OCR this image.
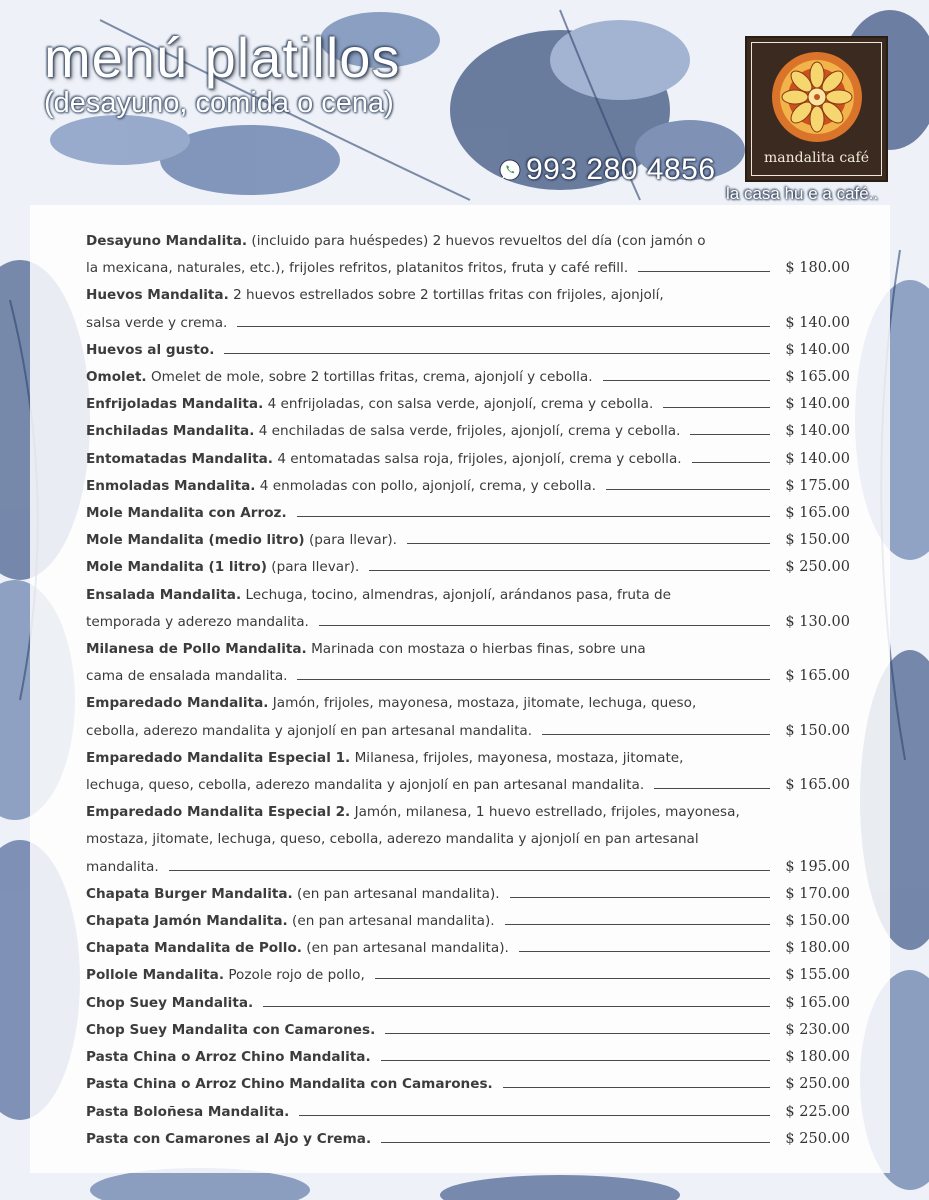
menú platillos
(desayuno, comida o cena)
993 280 4856	mandalita café
la casa hu e a café..
Desayuno Mandalita. (incluido para huéspedes) 2 huevos revueltos del día (con jamón o
la mexicana, naturales, etc.), frijoles refritos, platanitos fritos, fruta y café refill.	$ 180.00
Huevos Mandalita. 2 huevos estrellados sobre 2 tortillas fritas con frijoles, ajonjolí,
salsa verde y crema.	$ 140.00
Huevos al gusto.	$ 140.00
Omolet. Omelet de mole, sobre 2 tortillas fritas, crema, ajonjolí y cebolla.	$ 165.00
Enfrijoladas Mandalita. 4 enfrijoladas, con salsa verde, ajonjolí, crema y cebolla.	$ 140.00
Enchiladas Mandalita. 4 enchiladas de salsa verde, frijoles, ajonjolí, crema y cebolla.	$ 140.00
Entomatadas Mandalita. 4 entomatadas salsa roja, frijoles, ajonjolí, crema y cebolla.	$ 140.00
Enmoladas Mandalita. 4 enmoladas con pollo, ajonjolí, crema, y cebolla.	$ 175.00
Mole Mandalita con Arroz.	$ 165.00
Mole Mandalita (medio litro) (para llevar).	$ 150.00
Mole Mandalita (1 litro) (para llevar).	$ 250.00
Ensalada Mandalita. Lechuga, tocino, almendras, ajonjolí, arándanos pasa, fruta de
temporada y aderezo mandalita.	$ 130.00
Milanesa de Pollo Mandalita. Marinada con mostaza o hierbas finas, sobre una
cama de ensalada mandalita.	$ 165.00
Emparedado Mandalita. Jamón, frijoles, mayonesa, mostaza, jitomate, lechuga, queso,
cebolla, aderezo mandalita y ajonjolí en pan artesanal mandalita.	$ 150.00
Emparedado Mandalita Especial 1. Milanesa, frijoles, mayonesa, mostaza, jitomate,
lechuga, queso, cebolla, aderezo mandalita y ajonjolí en pan artesanal mandalita.	$ 165.00
Emparedado Mandalita Especial 2. Jamón, milanesa, 1 huevo estrellado, frijoles, mayonesa,
mostaza, jitomate, lechuga, queso, cebolla, aderezo mandalita y ajonjolí en pan artesanal
mandalita.	$ 195.00
Chapata Burger Mandalita. (en pan artesanal mandalita).	$ 170.00
Chapata Jamón Mandalita. (en pan artesanal mandalita).	$ 150.00
Chapata Mandalita de Pollo. (en pan artesanal mandalita).	$ 180.00
Pollole Mandalita. Pozole rojo de pollo,	$ 155.00
Chop Suey Mandalita.	$ 165.00
Chop Suey Mandalita con Camarones.	$ 230.00
Pasta China o Arroz Chino Mandalita.	$ 180.00
Pasta China o Arroz Chino Mandalita con Camarones.	$ 250.00
Pasta Boloñesa Mandalita.	$ 225.00
Pasta con Camarones al Ajo y Crema.	$ 250.00
